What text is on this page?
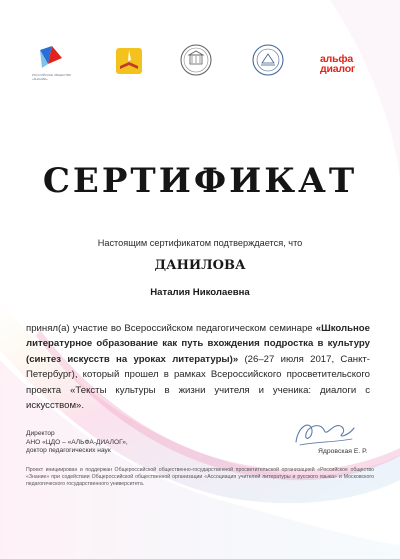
РОССИЙСКОЕ ОБЩЕСТВО «ЗНАНИЕ»
альфа
диалог
СЕРТИФИКАТ
Настоящим сертификатом подтверждается, что
ДАНИЛОВА
Наталия Николаевна
принял(а) участие во Всероссийском педагогическом семинаре «Школьное литературное образование как путь вхождения подростка в культуру (синтез искусств на уроках литературы)» (26–27 июля 2017, Санкт-Петербург), который прошел в рамках Всероссийского просветительского проекта «Тексты культуры в жизни учителя и ученика: диалоги с искусством».
Директор
АНО «ЦДО – «АЛЬФА-ДИАЛОГ»,
доктор педагогических наук	Ядровская Е. Р.
Проект инициирован и поддержан Общероссийской общественно-государственной просветительской организацией «Российское общество «Знание» при содействии Общероссийской общественной организации «Ассоциация учителей литературы и русского языка» и Московского педагогического государственного университета.
